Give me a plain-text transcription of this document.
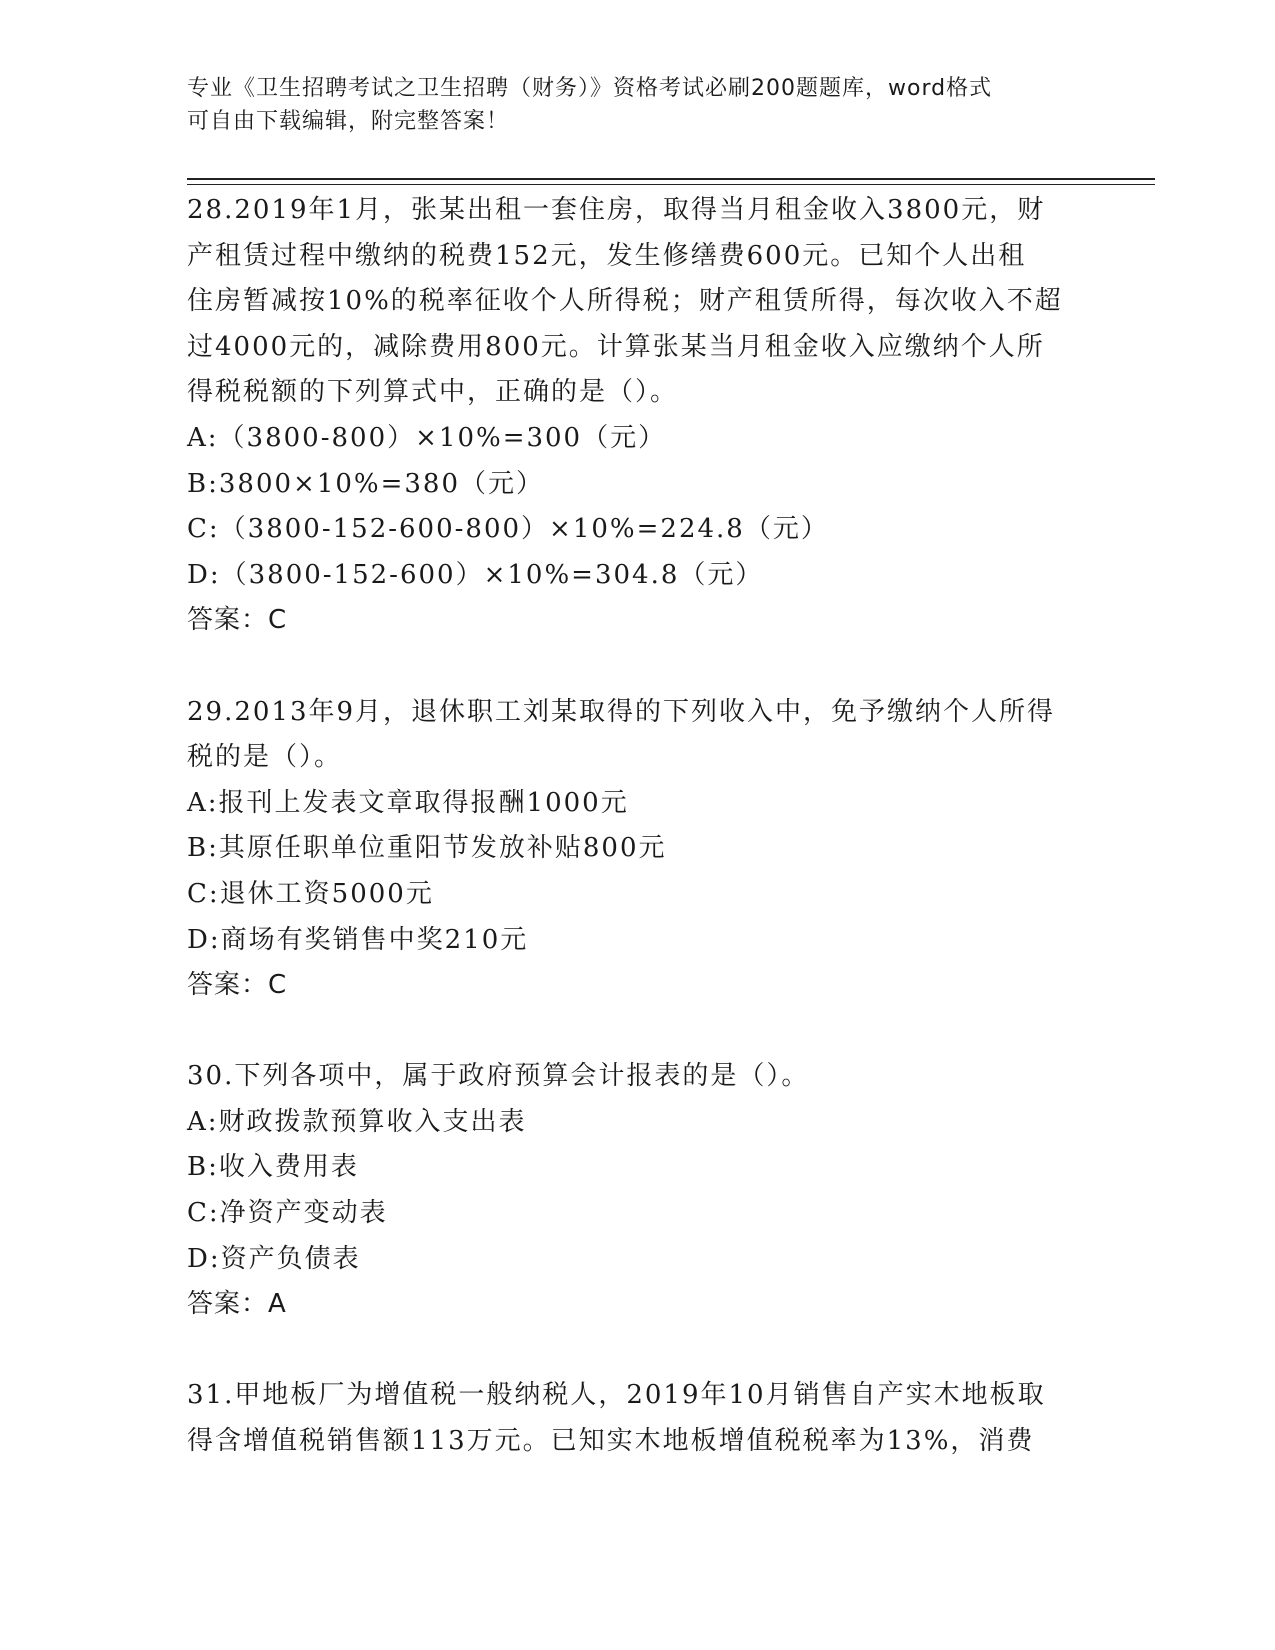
专业《卫生招聘考试之卫生招聘（财务）》资格考试必刷200题题库，word格式

可自由下载编辑，附完整答案！

28.2019年1月，张某出租一套住房，取得当月租金收入3800元，财
产租赁过程中缴纳的税费152元，发生修缮费600元。已知个人出租
住房暂减按10%的税率征收个人所得税；财产租赁所得，每次收入不超
过4000元的，减除费用800元。计算张某当月租金收入应缴纳个人所
得税税额的下列算式中，正确的是（）。

A:（3800-800）×10%=300（元）

B:3800×10%=380（元）

C:（3800-152-600-800）×10%=224.8（元）

D:（3800-152-600）×10%=304.8（元）

答案：C

29.2013年9月，退休职工刘某取得的下列收入中，免予缴纳个人所得
税的是（）。

A:报刊上发表文章取得报酬1000元

B:其原任职单位重阳节发放补贴800元

C:退休工资5000元

D:商场有奖销售中奖210元

答案：C

30.下列各项中，属于政府预算会计报表的是（）。

A:财政拨款预算收入支出表

B:收入费用表

C:净资产变动表

D:资产负债表

答案：A

31.甲地板厂为增值税一般纳税人，2019年10月销售自产实木地板取
得含增值税销售额113万元。已知实木地板增值税税率为13%，消费
